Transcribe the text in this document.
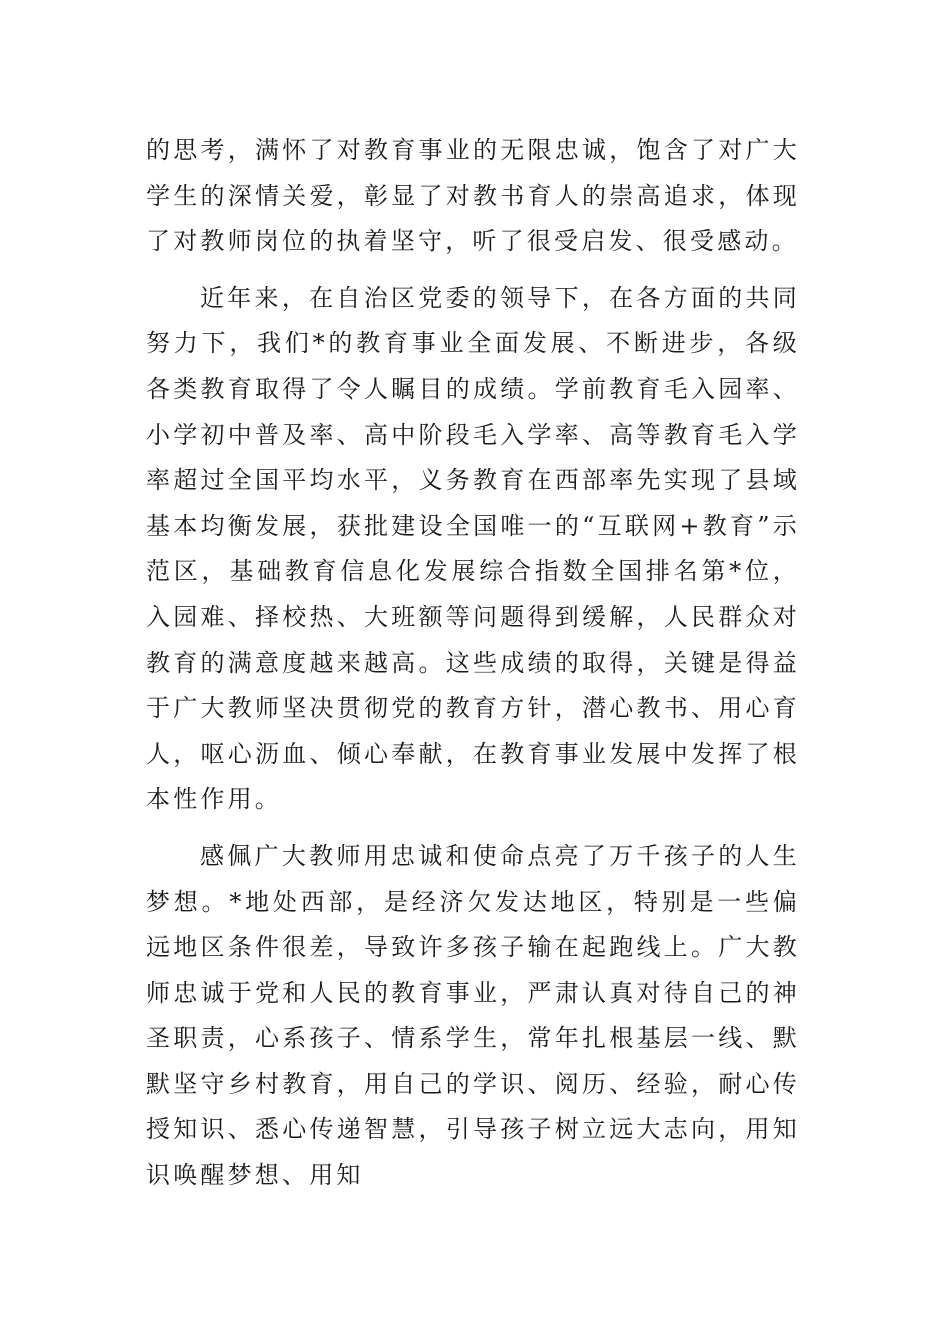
的思考，满怀了对教育事业的无限忠诚，饱含了对广大学生的深情关爱，彰显了对教书育人的崇高追求，体现了对教师岗位的执着坚守，听了很受启发、很受感动。

近年来，在自治区党委的领导下，在各方面的共同努力下，我们*的教育事业全面发展、不断进步，各级各类教育取得了令人瞩目的成绩。学前教育毛入园率、小学初中普及率、高中阶段毛入学率、高等教育毛入学率超过全国平均水平，义务教育在西部率先实现了县域基本均衡发展，获批建设全国唯一的“互联网+教育”示范区，基础教育信息化发展综合指数全国排名第*位，入园难、择校热、大班额等问题得到缓解，人民群众对教育的满意度越来越高。这些成绩的取得，关键是得益于广大教师坚决贯彻党的教育方针，潜心教书、用心育人，呕心沥血、倾心奉献，在教育事业发展中发挥了根本性作用。

感佩广大教师用忠诚和使命点亮了万千孩子的人生梦想。*地处西部，是经济欠发达地区，特别是一些偏远地区条件很差，导致许多孩子输在起跑线上。广大教师忠诚于党和人民的教育事业，严肃认真对待自己的神圣职责，心系孩子、情系学生，常年扎根基层一线、默默坚守乡村教育，用自己的学识、阅历、经验，耐心传授知识、悉心传递智慧，引导孩子树立远大志向，用知识唤醒梦想、用知
